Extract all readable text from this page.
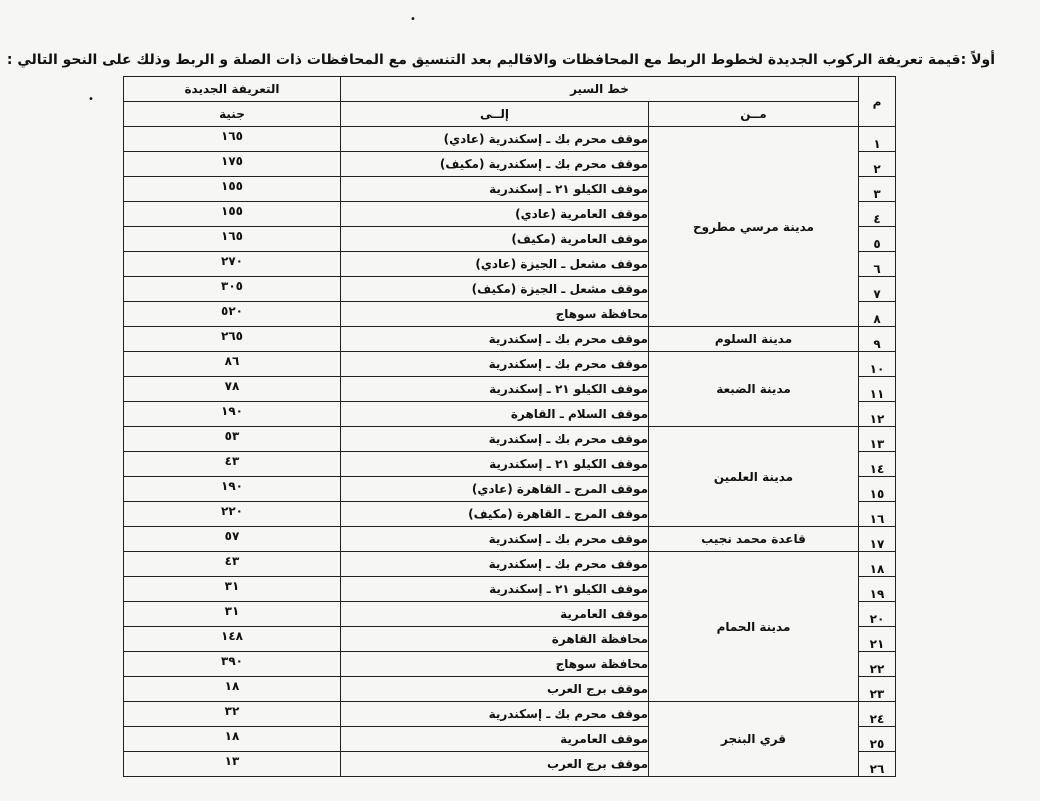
•
•
أولاً :قيمة تعريفة الركوب الجديدة لخطوط الربط مع المحافظات والاقاليم بعد التنسيق مع المحافظات ذات الصلة و الربط وذلك على النحو التالي :
م	خط السير		التعريفة الجديدة
	مــن	إلــى	جنية
١	مدينة مرسي مطروح	موقف محرم بك ـ إسكندرية (عادي)	١٦٥
٢		موقف محرم بك ـ إسكندرية (مكيف)	١٧٥
٣		موقف الكيلو ٢١ ـ إسكندرية	١٥٥
٤		موقف العامرية (عادي)	١٥٥
٥		موقف العامرية (مكيف)	١٦٥
٦		موقف مشعل ـ الجيزة (عادي)	٢٧٠
٧		موقف مشعل ـ الجيزة (مكيف)	٣٠٥
٨		محافظة سوهاج	٥٢٠
٩	مدينة السلوم	موقف محرم بك ـ إسكندرية	٢٦٥
١٠	مدينة الضبعة	موقف محرم بك ـ إسكندرية	٨٦
١١		موقف الكيلو ٢١ ـ إسكندرية	٧٨
١٢		موقف السلام ـ القاهرة	١٩٠
١٣	مدينة العلمين	موقف محرم بك ـ إسكندرية	٥٣
١٤		موقف الكيلو ٢١ ـ إسكندرية	٤٣
١٥		موقف المرج ـ القاهرة (عادي)	١٩٠
١٦		موقف المرج ـ القاهرة (مكيف)	٢٢٠
١٧	قاعدة محمد نجيب	موقف محرم بك ـ إسكندرية	٥٧
١٨	مدينة الحمام	موقف محرم بك ـ إسكندرية	٤٣
١٩		موقف الكيلو ٢١ ـ إسكندرية	٣١
٢٠		موقف العامرية	٣١
٢١		محافظة القاهرة	١٤٨
٢٢		محافظة سوهاج	٣٩٠
٢٣		موقف برج العرب	١٨
٢٤	قري البنجر	موقف محرم بك ـ إسكندرية	٣٢
٢٥		موقف العامرية	١٨
٢٦		موقف برج العرب	١٣
